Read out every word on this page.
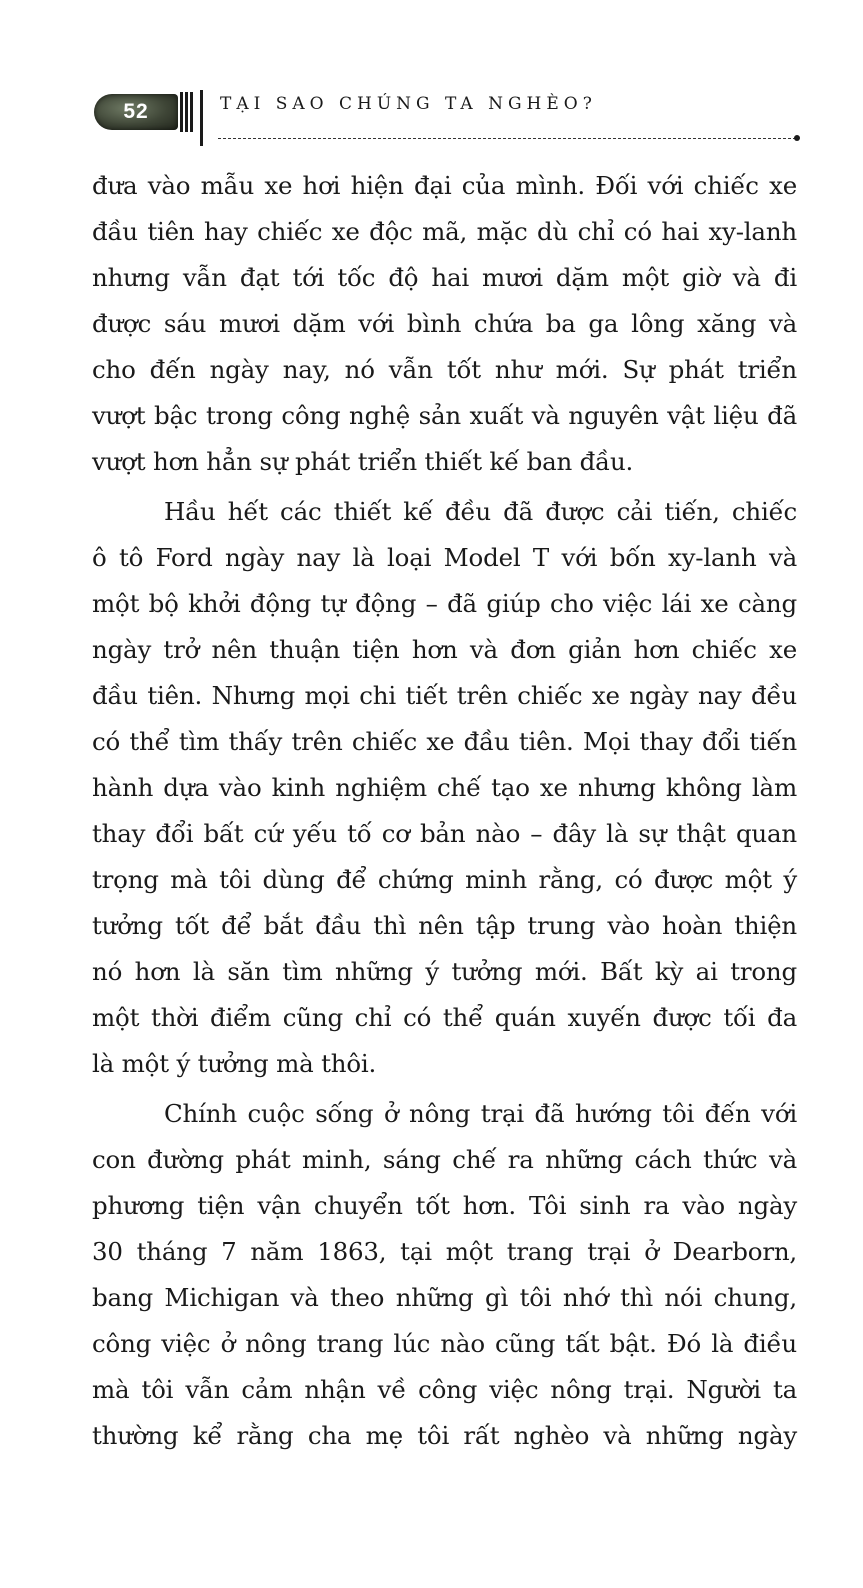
52	TẠI SAO CHÚNG TA NGHÈO?
đưa vào mẫu xe hơi hiện đại của mình. Đối với chiếc xe
đầu tiên hay chiếc xe độc mã, mặc dù chỉ có hai xy-lanh
nhưng vẫn đạt tới tốc độ hai mươi dặm một giờ và đi
được sáu mươi dặm với bình chứa ba ga lông xăng và
cho đến ngày nay, nó vẫn tốt như mới. Sự phát triển
vượt bậc trong công nghệ sản xuất và nguyên vật liệu đã
vượt hơn hẳn sự phát triển thiết kế ban đầu.
Hầu hết các thiết kế đều đã được cải tiến, chiếc
ô tô Ford ngày nay là loại Model T với bốn xy-lanh và
một bộ khởi động tự động – đã giúp cho việc lái xe càng
ngày trở nên thuận tiện hơn và đơn giản hơn chiếc xe
đầu tiên. Nhưng mọi chi tiết trên chiếc xe ngày nay đều
có thể tìm thấy trên chiếc xe đầu tiên. Mọi thay đổi tiến
hành dựa vào kinh nghiệm chế tạo xe nhưng không làm
thay đổi bất cứ yếu tố cơ bản nào – đây là sự thật quan
trọng mà tôi dùng để chứng minh rằng, có được một ý
tưởng tốt để bắt đầu thì nên tập trung vào hoàn thiện
nó hơn là săn tìm những ý tưởng mới. Bất kỳ ai trong
một thời điểm cũng chỉ có thể quán xuyến được tối đa
là một ý tưởng mà thôi.
Chính cuộc sống ở nông trại đã hướng tôi đến với
con đường phát minh, sáng chế ra những cách thức và
phương tiện vận chuyển tốt hơn. Tôi sinh ra vào ngày
30 tháng 7 năm 1863, tại một trang trại ở Dearborn,
bang Michigan và theo những gì tôi nhớ thì nói chung,
công việc ở nông trang lúc nào cũng tất bật. Đó là điều
mà tôi vẫn cảm nhận về công việc nông trại. Người ta
thường kể rằng cha mẹ tôi rất nghèo và những ngày
